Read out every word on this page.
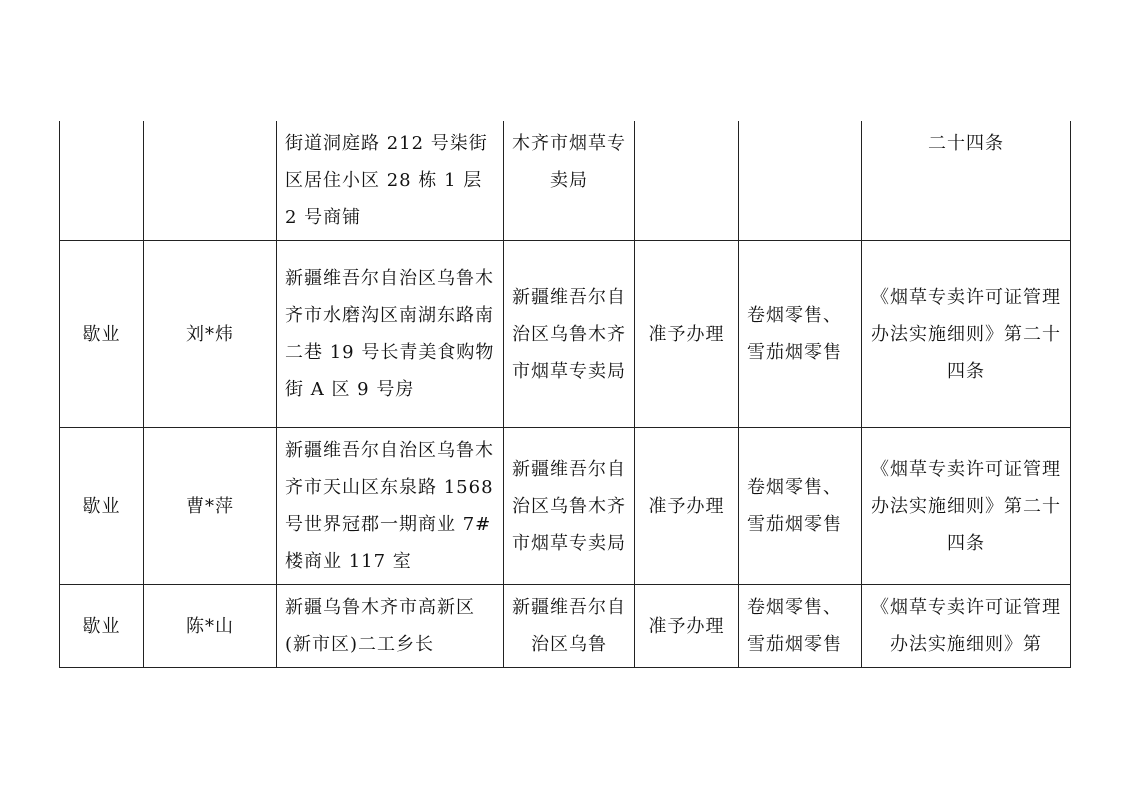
		街道洞庭路 212 号柒街区居住小区 28 栋 1 层 2 号商铺	木齐市烟草专卖局			二十四条
歇业	刘*炜	新疆维吾尔自治区乌鲁木齐市水磨沟区南湖东路南二巷 19 号长青美食购物街 A 区 9 号房	新疆维吾尔自治区乌鲁木齐市烟草专卖局	准予办理	卷烟零售、雪茄烟零售	《烟草专卖许可证管理办法实施细则》第二十四条
歇业	曹*萍	新疆维吾尔自治区乌鲁木齐市天山区东泉路 1568 号世界冠郡一期商业 7#楼商业 117 室	新疆维吾尔自治区乌鲁木齐市烟草专卖局	准予办理	卷烟零售、雪茄烟零售	《烟草专卖许可证管理办法实施细则》第二十四条
歇业	陈*山	新疆乌鲁木齐市高新区(新市区)二工乡长	新疆维吾尔自治区乌鲁	准予办理	卷烟零售、雪茄烟零售	《烟草专卖许可证管理办法实施细则》第
